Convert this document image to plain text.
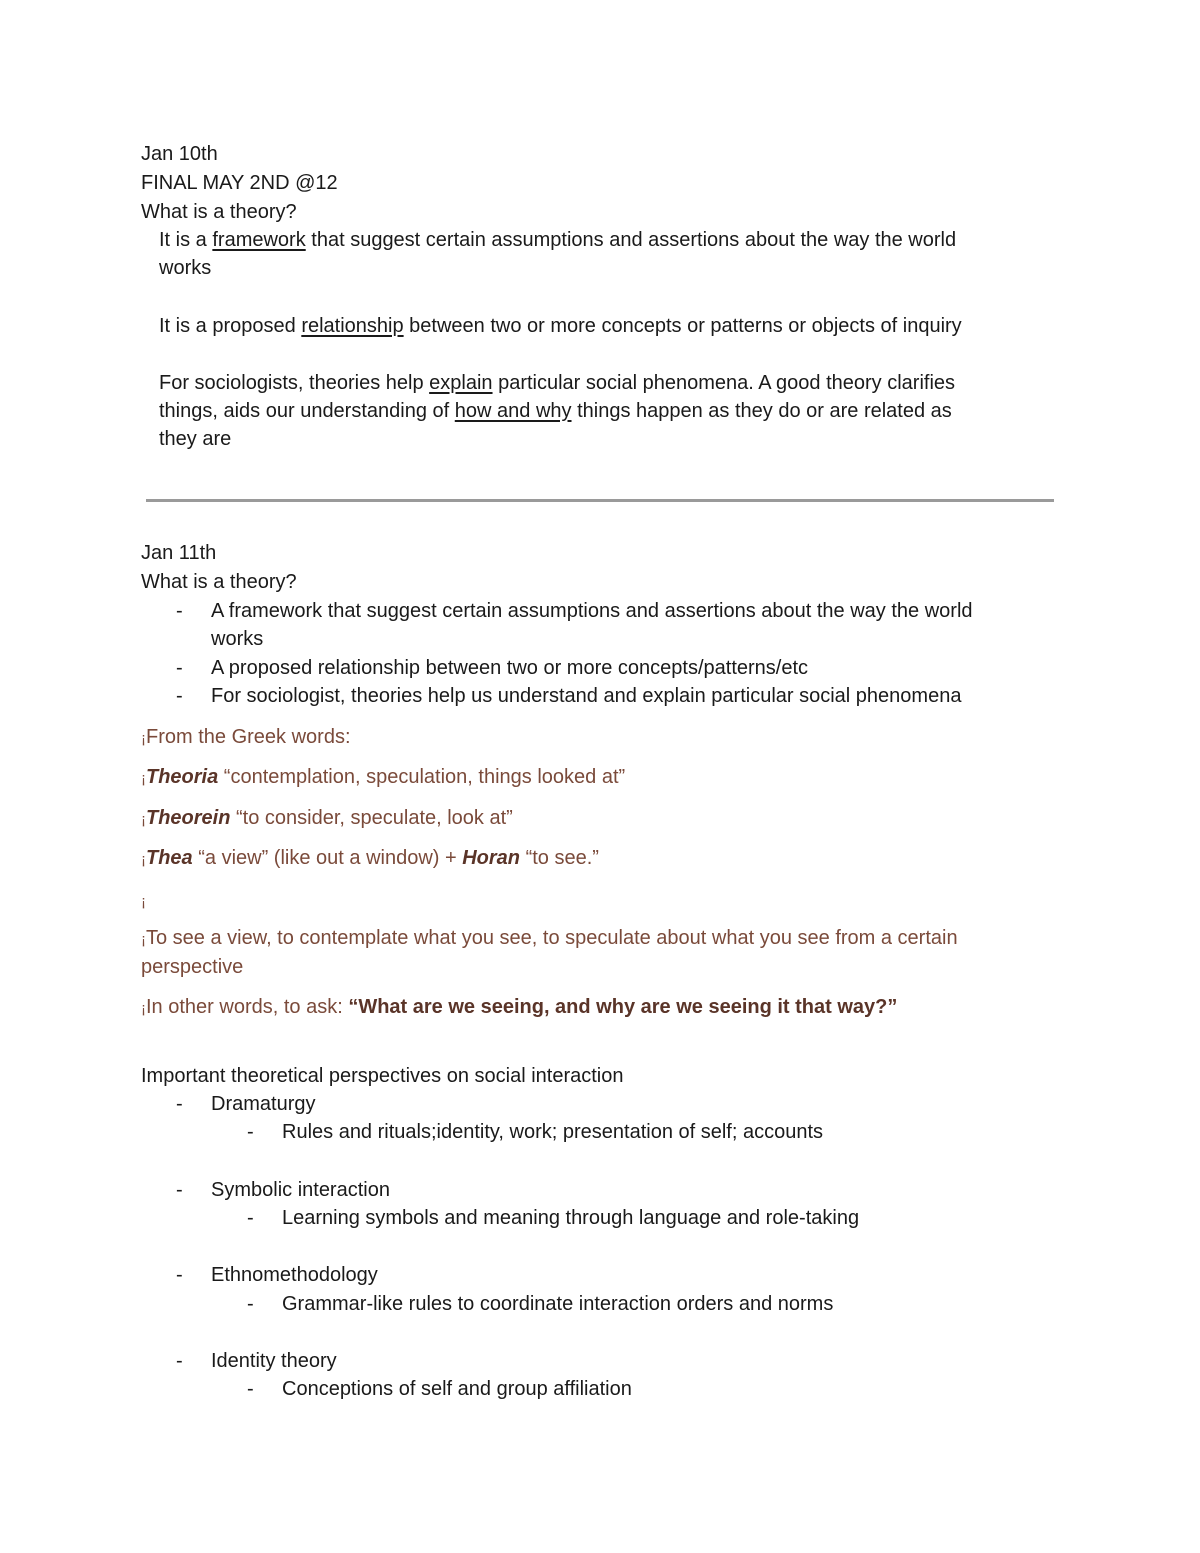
Jan 10th
FINAL MAY 2ND @12
What is a theory?
It is a framework that suggest certain assumptions and assertions about the way the world
works
It is a proposed relationship between two or more concepts or patterns or objects of inquiry
For sociologists, theories help explain particular social phenomena. A good theory clarifies
things, aids our understanding of how and why things happen as they do or are related as
they are
Jan 11th
What is a theory?
- A framework that suggest certain assumptions and assertions about the way the world
works
- A proposed relationship between two or more concepts/patterns/etc
- For sociologist, theories help us understand and explain particular social phenomena
¡From the Greek words:
¡Theoria “contemplation, speculation, things looked at”
¡Theorein “to consider, speculate, look at”
¡Thea “a view” (like out a window) + Horan “to see.”
¡
¡To see a view, to contemplate what you see, to speculate about what you see from a certain
perspective
¡In other words, to ask: “What are we seeing, and why are we seeing it that way?”
Important theoretical perspectives on social interaction
- Dramaturgy
- Rules and rituals;identity, work; presentation of self; accounts
- Symbolic interaction
- Learning symbols and meaning through language and role-taking
- Ethnomethodology
- Grammar-like rules to coordinate interaction orders and norms
- Identity theory
- Conceptions of self and group affiliation
